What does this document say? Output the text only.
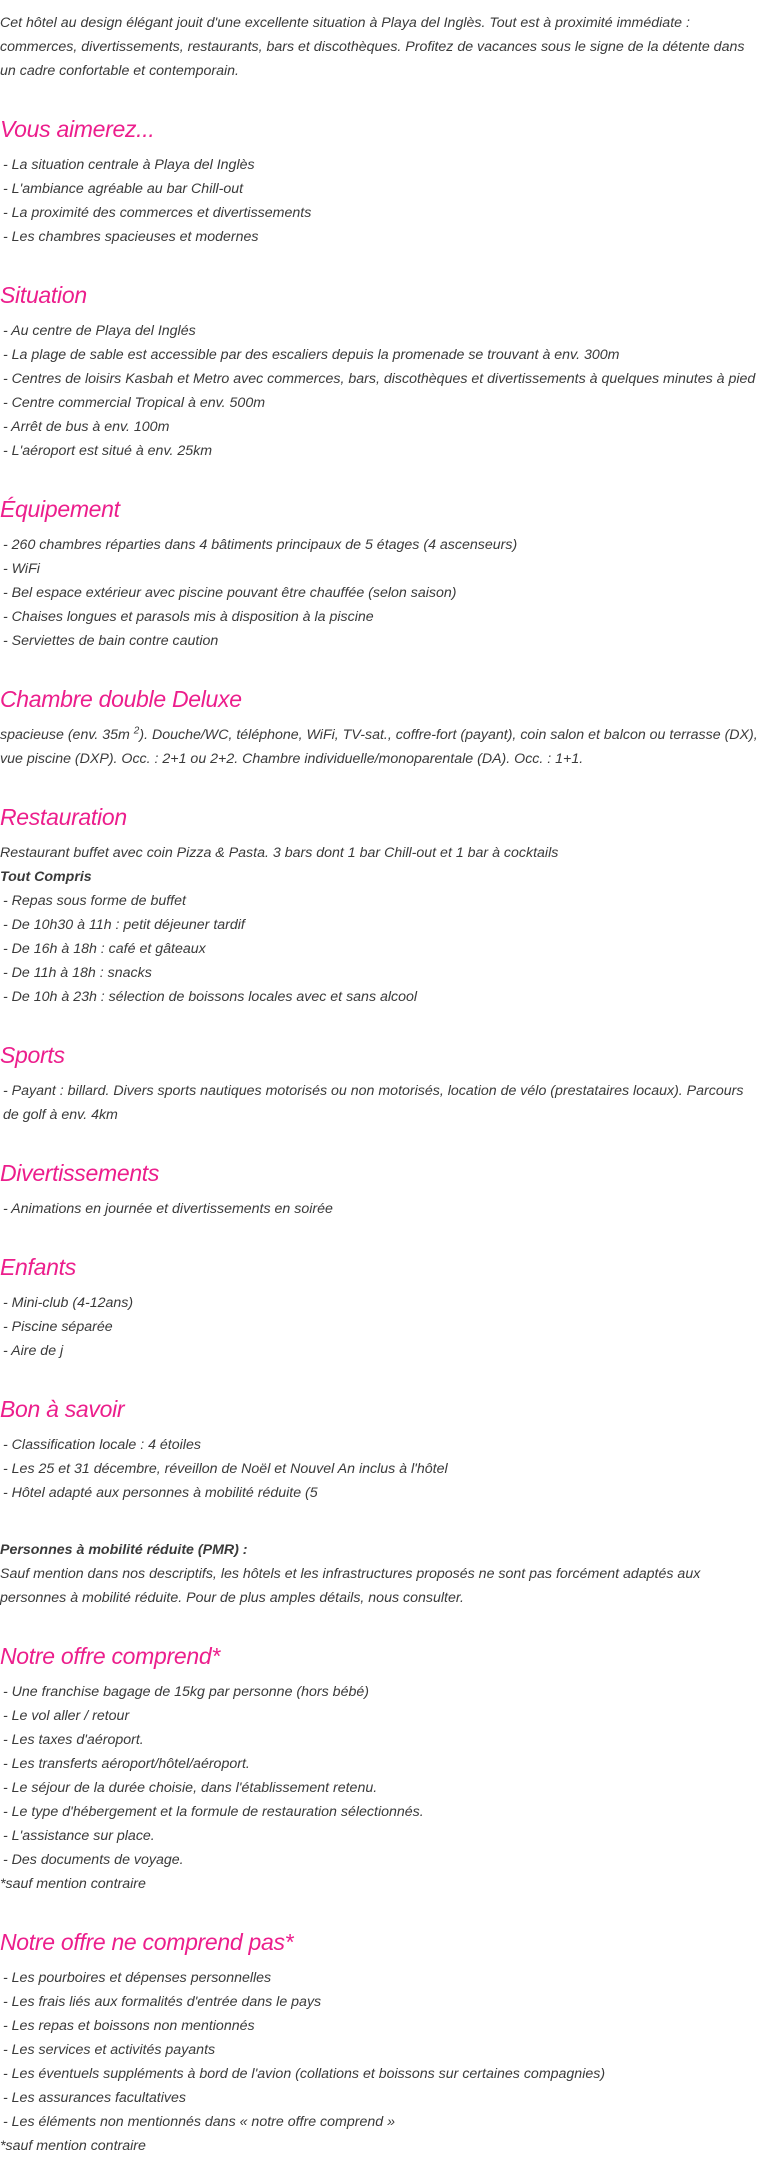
Cet hôtel au design élégant jouit d'une excellente situation à Playa del Inglès. Tout est à proximité immédiate : commerces, divertissements, restaurants, bars et discothèques. Profitez de vacances sous le signe de la détente dans un cadre confortable et contemporain.

Vous aimerez...
- La situation centrale à Playa del Inglès
- L'ambiance agréable au bar Chill-out
- La proximité des commerces et divertissements
- Les chambres spacieuses et modernes
Situation
- Au centre de Playa del Inglés
- La plage de sable est accessible par des escaliers depuis la promenade se trouvant à env. 300m
- Centres de loisirs Kasbah et Metro avec commerces, bars, discothèques et divertissements à quelques minutes à pied
- Centre commercial Tropical à env. 500m
- Arrêt de bus à env. 100m
- L'aéroport est situé à env. 25km
Équipement
- 260 chambres réparties dans 4 bâtiments principaux de 5 étages (4 ascenseurs)
- WiFi
- Bel espace extérieur avec piscine pouvant être chauffée (selon saison)
- Chaises longues et parasols mis à disposition à la piscine
- Serviettes de bain contre caution
Chambre double Deluxe

spacieuse (env. 35m $^2$). Douche/WC, téléphone, WiFi, TV-sat., coffre-fort (payant), coin salon et balcon ou terrasse (DX), vue piscine (DXP). Occ. : 2+1 ou 2+2. Chambre individuelle/monoparentale (DA). Occ. : 1+1.

Restauration

Restaurant buffet avec coin Pizza & Pasta. 3 bars dont 1 bar Chill-out et 1 bar à cocktails

Tout Compris

- Repas sous forme de buffet
- De 10h30 à 11h : petit déjeuner tardif
- De 16h à 18h : café et gâteaux
- De 11h à 18h : snacks
- De 10h à 23h : sélection de boissons locales avec et sans alcool
Sports

- Payant : billard. Divers sports nautiques motorisés ou non motorisés, location de vélo (prestataires locaux). Parcours de golf à env. 4km

Divertissements
- Animations en journée et divertissements en soirée
Enfants
- Mini-club (4-12ans)
- Piscine séparée
- Aire de j
Bon à savoir
- Classification locale : 4 étoiles
- Les 25 et 31 décembre, réveillon de Noël et Nouvel An inclus à l'hôtel
- Hôtel adapté aux personnes à mobilité réduite (5

Personnes à mobilité réduite (PMR) :

Sauf mention dans nos descriptifs, les hôtels et les infrastructures proposés ne sont pas forcément adaptés aux personnes à mobilité réduite. Pour de plus amples détails, nous consulter.

Notre offre comprend*
- Une franchise bagage de 15kg par personne (hors bébé)
- Le vol aller / retour
- Les taxes d'aéroport.
- Les transferts aéroport/hôtel/aéroport.
- Le séjour de la durée choisie, dans l'établissement retenu.
- Le type d'hébergement et la formule de restauration sélectionnés.
- L'assistance sur place.
- Des documents de voyage.
*sauf mention contraire
Notre offre ne comprend pas*
- Les pourboires et dépenses personnelles
- Les frais liés aux formalités d'entrée dans le pays
- Les repas et boissons non mentionnés
- Les services et activités payants
- Les éventuels suppléments à bord de l'avion (collations et boissons sur certaines compagnies)
- Les assurances facultatives
- Les éléments non mentionnés dans « notre offre comprend »
*sauf mention contraire
